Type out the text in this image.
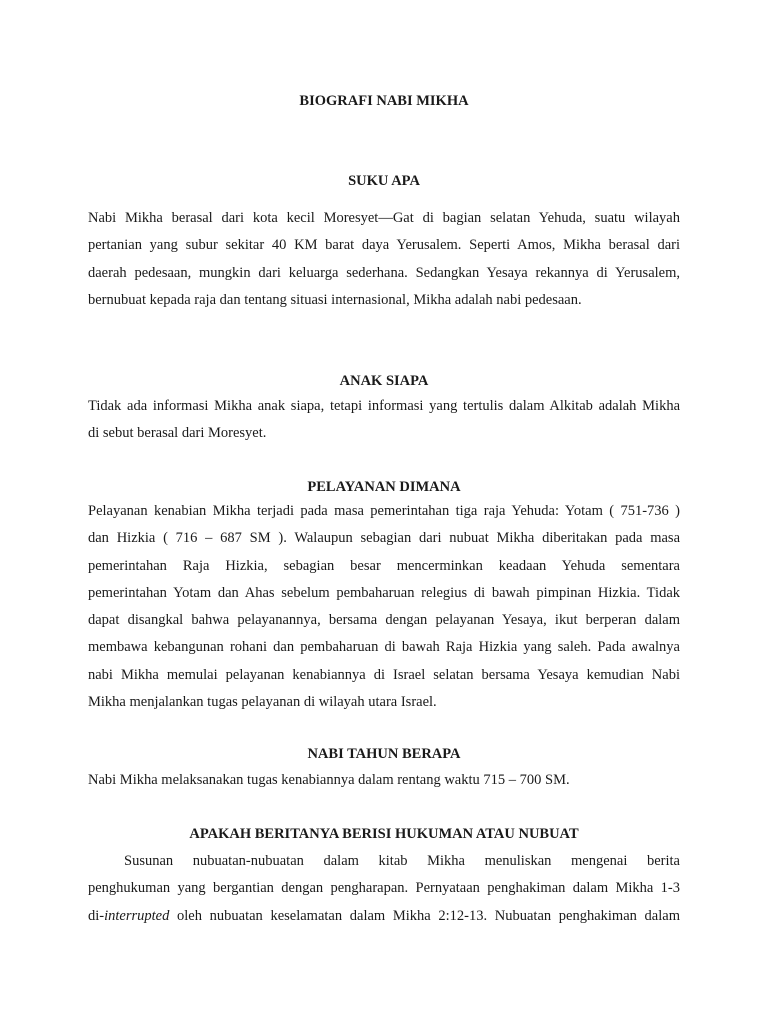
BIOGRAFI NABI MIKHA
SUKU APA
Nabi Mikha berasal dari kota kecil Moresyet—Gat di bagian selatan Yehuda, suatu wilayah
pertanian yang subur sekitar 40 KM barat daya Yerusalem. Seperti Amos, Mikha berasal dari
daerah pedesaan, mungkin dari keluarga sederhana. Sedangkan Yesaya rekannya di Yerusalem,
bernubuat kepada raja dan tentang situasi internasional, Mikha adalah nabi pedesaan.
ANAK SIAPA
Tidak ada informasi Mikha anak siapa, tetapi informasi yang tertulis dalam Alkitab adalah Mikha
di sebut berasal dari Moresyet.
PELAYANAN DIMANA
Pelayanan kenabian Mikha terjadi pada masa pemerintahan tiga raja Yehuda: Yotam ( 751-736 )
dan Hizkia ( 716 – 687 SM ). Walaupun sebagian dari nubuat Mikha diberitakan pada masa
pemerintahan Raja Hizkia, sebagian besar mencerminkan keadaan Yehuda sementara
pemerintahan Yotam dan Ahas sebelum pembaharuan relegius di bawah pimpinan Hizkia. Tidak
dapat disangkal bahwa pelayanannya, bersama dengan pelayanan Yesaya, ikut berperan dalam
membawa kebangunan rohani dan pembaharuan di bawah Raja Hizkia yang saleh. Pada awalnya
nabi Mikha memulai pelayanan kenabiannya di Israel selatan bersama Yesaya kemudian Nabi
Mikha menjalankan tugas pelayanan di wilayah utara Israel.
NABI TAHUN BERAPA
Nabi Mikha melaksanakan tugas kenabiannya dalam rentang waktu 715 – 700 SM.
APAKAH BERITANYA BERISI HUKUMAN ATAU NUBUAT
Susunan nubuatan-nubuatan dalam kitab Mikha menuliskan mengenai berita
penghukuman yang bergantian dengan pengharapan. Pernyataan penghakiman dalam Mikha 1-3
di-interrupted oleh nubuatan keselamatan dalam Mikha 2:12-13. Nubuatan penghakiman dalam
